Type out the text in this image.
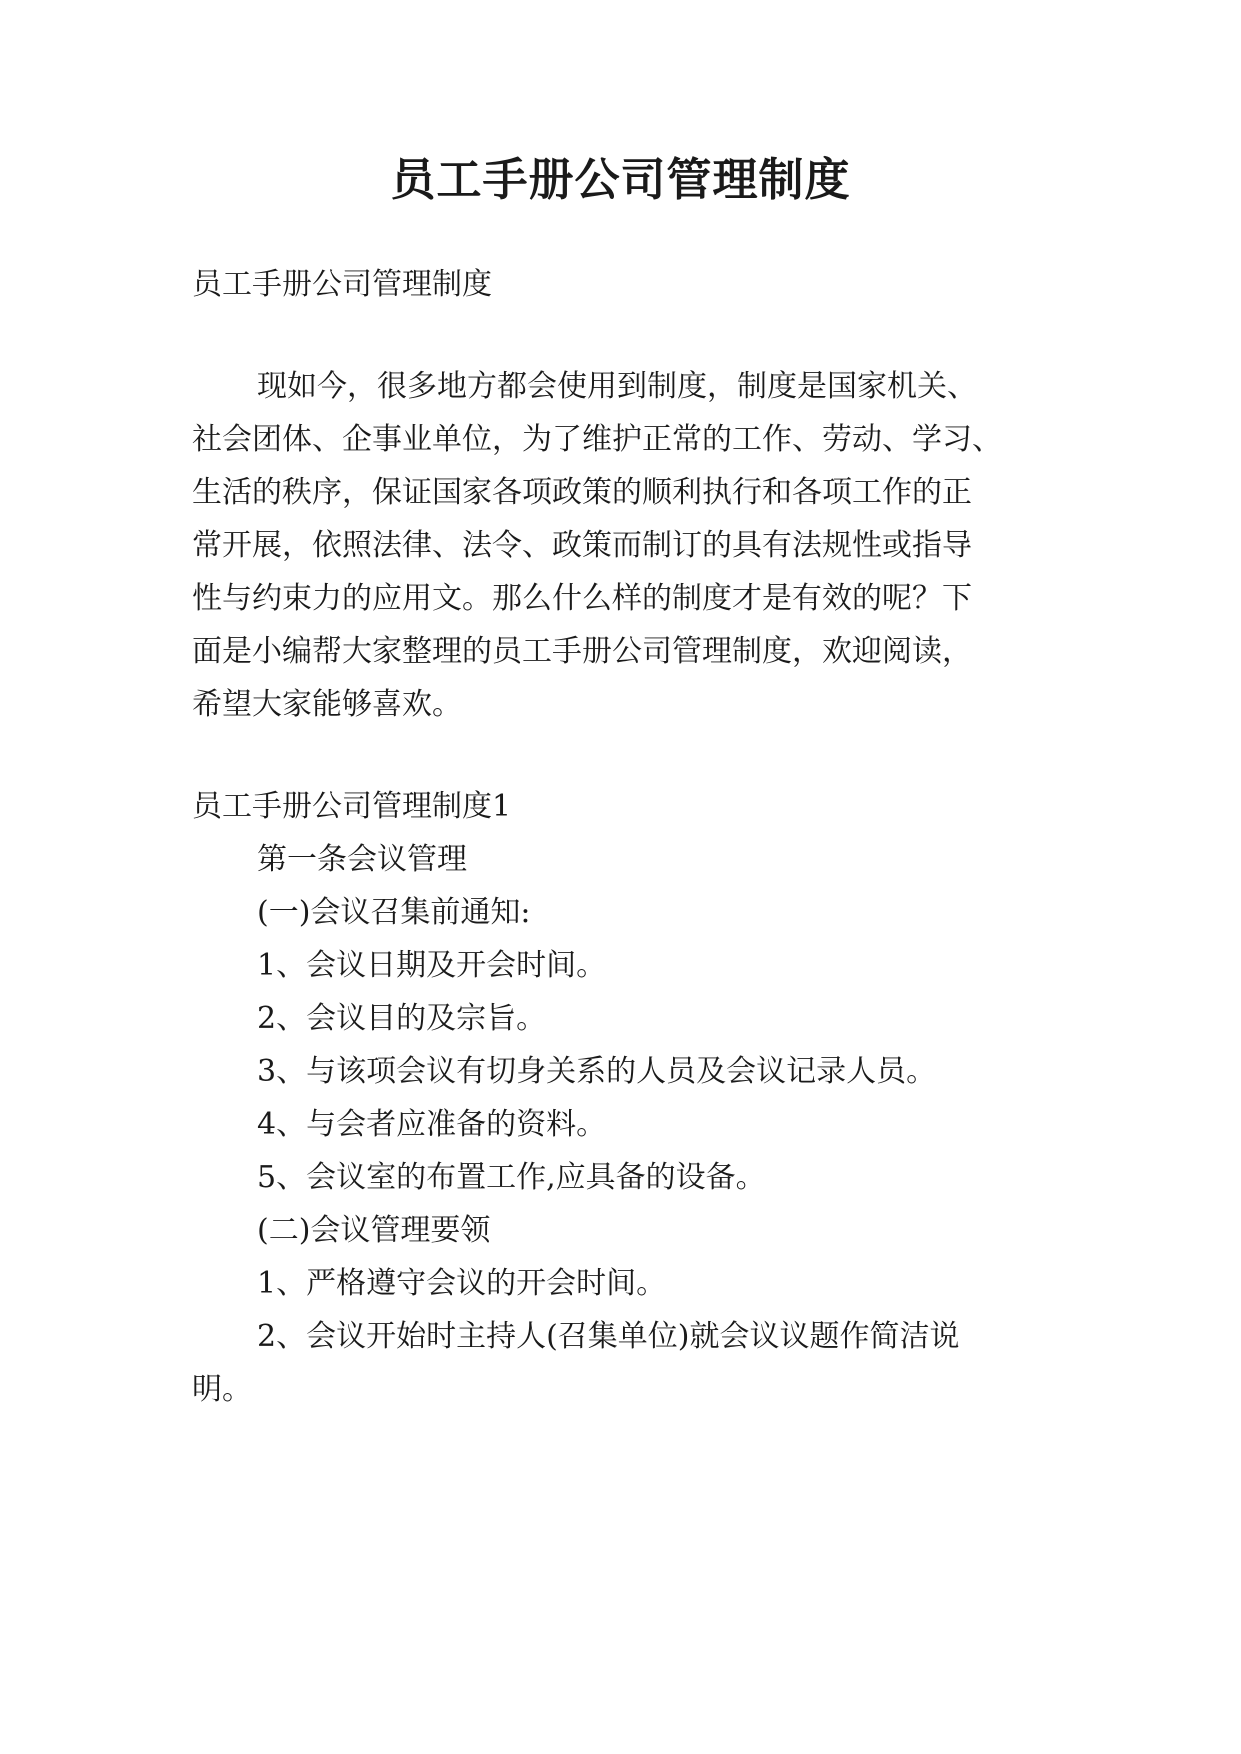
员工手册公司管理制度

员工手册公司管理制度

现如今，很多地方都会使用到制度，制度是国家机关、

社会团体、企事业单位，为了维护正常的工作、劳动、学习、

生活的秩序，保证国家各项政策的顺利执行和各项工作的正

常开展，依照法律、法令、政策而制订的具有法规性或指导

性与约束力的应用文。那么什么样的制度才是有效的呢？下

面是小编帮大家整理的员工手册公司管理制度，欢迎阅读，

希望大家能够喜欢。

员工手册公司管理制度1

第一条会议管理

(一)会议召集前通知:

1、会议日期及开会时间。

2、会议目的及宗旨。

3、与该项会议有切身关系的人员及会议记录人员。

4、与会者应准备的资料。

5、会议室的布置工作,应具备的设备。

(二)会议管理要领

1、严格遵守会议的开会时间。

2、会议开始时主持人(召集单位)就会议议题作简洁说

明。
